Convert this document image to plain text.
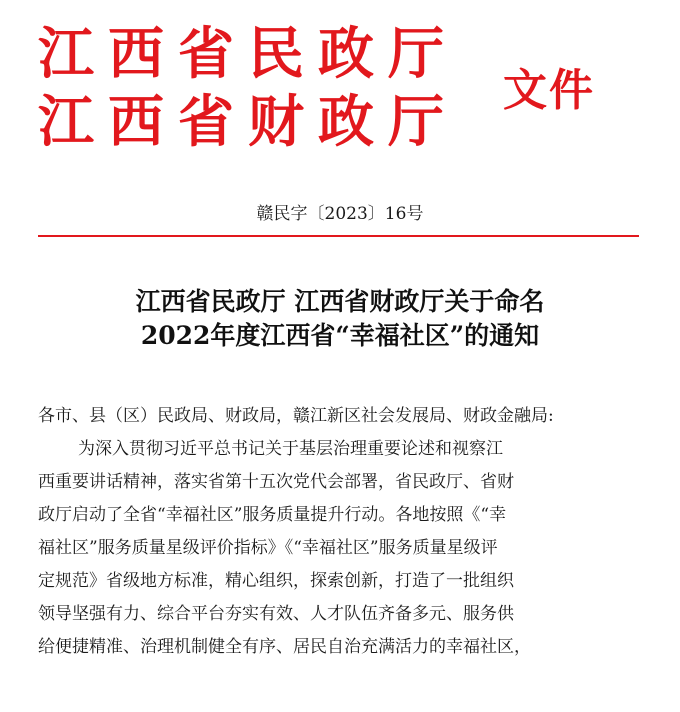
江西省民政厅
江西省财政厅 文件
赣民字〔2023〕16号
江西省民政厅 江西省财政厅关于命名
2022年度江西省“幸福社区”的通知
各市、县（区）民政局、财政局，赣江新区社会发展局、财政金融局:
为深入贯彻习近平总书记关于基层治理重要论述和视察江
西重要讲话精神，落实省第十五次党代会部署，省民政厅、省财
政厅启动了全省“幸福社区”服务质量提升行动。各地按照《“幸
福社区”服务质量星级评价指标》《“幸福社区”服务质量星级评
定规范》省级地方标准，精心组织，探索创新，打造了一批组织
领导坚强有力、综合平台夯实有效、人才队伍齐备多元、服务供
给便捷精准、治理机制健全有序、居民自治充满活力的幸福社区，
